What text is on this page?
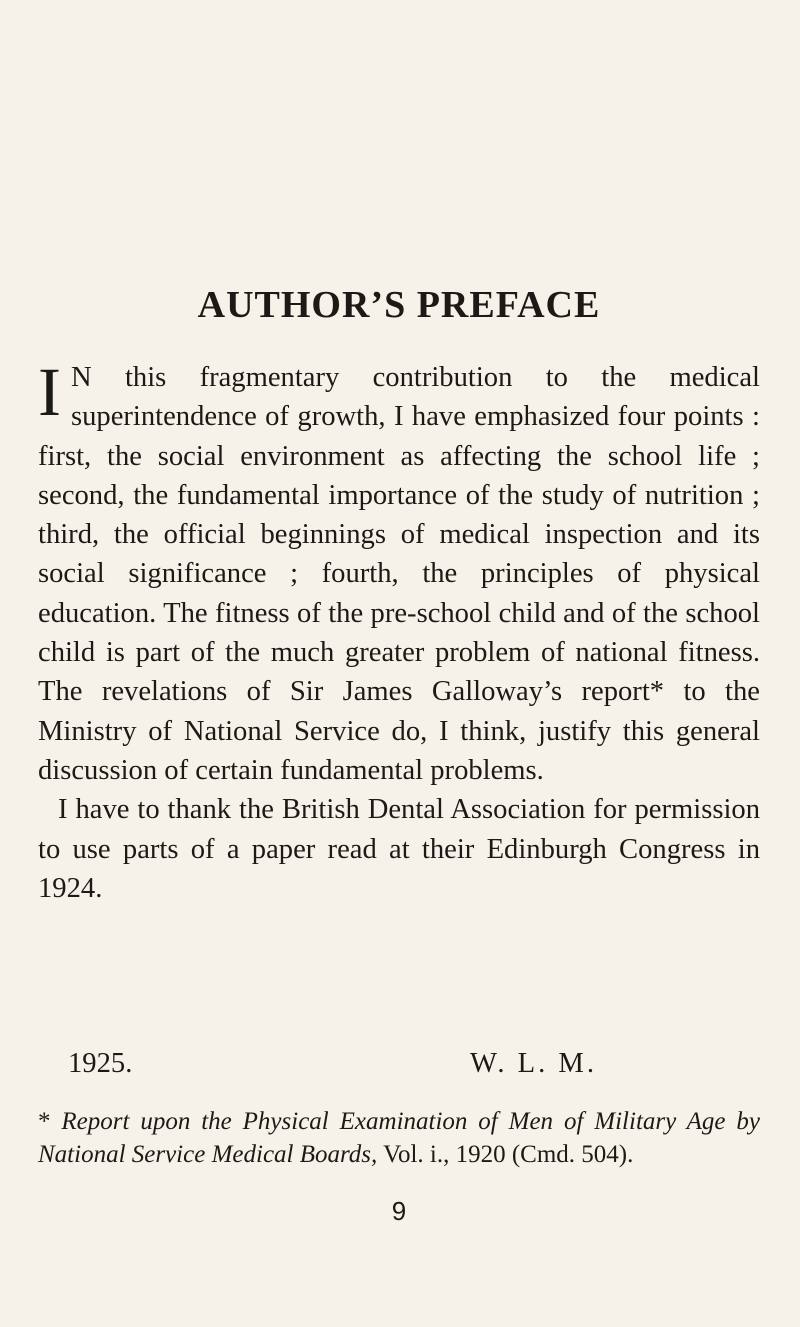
AUTHOR’S PREFACE
I N this fragmentary contribution to the medical superintendence of growth, I have emphasized four points : first, the social environment as affecting the school life ; second, the fundamental importance of the study of nutrition ; third, the official beginnings of medical inspection and its social significance ; fourth, the principles of physical education. The fitness of the pre-school child and of the school child is part of the much greater problem of national fitness. The revelations of Sir James Galloway’s report* to the Ministry of National Service do, I think, justify this general discussion of certain fundamental problems.

I have to thank the British Dental Association for permission to use parts of a paper read at their Edinburgh Congress in 1924.

1925.	W. L. M.
* Report upon the Physical Examination of Men of Military Age by National Service Medical Boards, Vol. i., 1920 (Cmd. 504).
9
